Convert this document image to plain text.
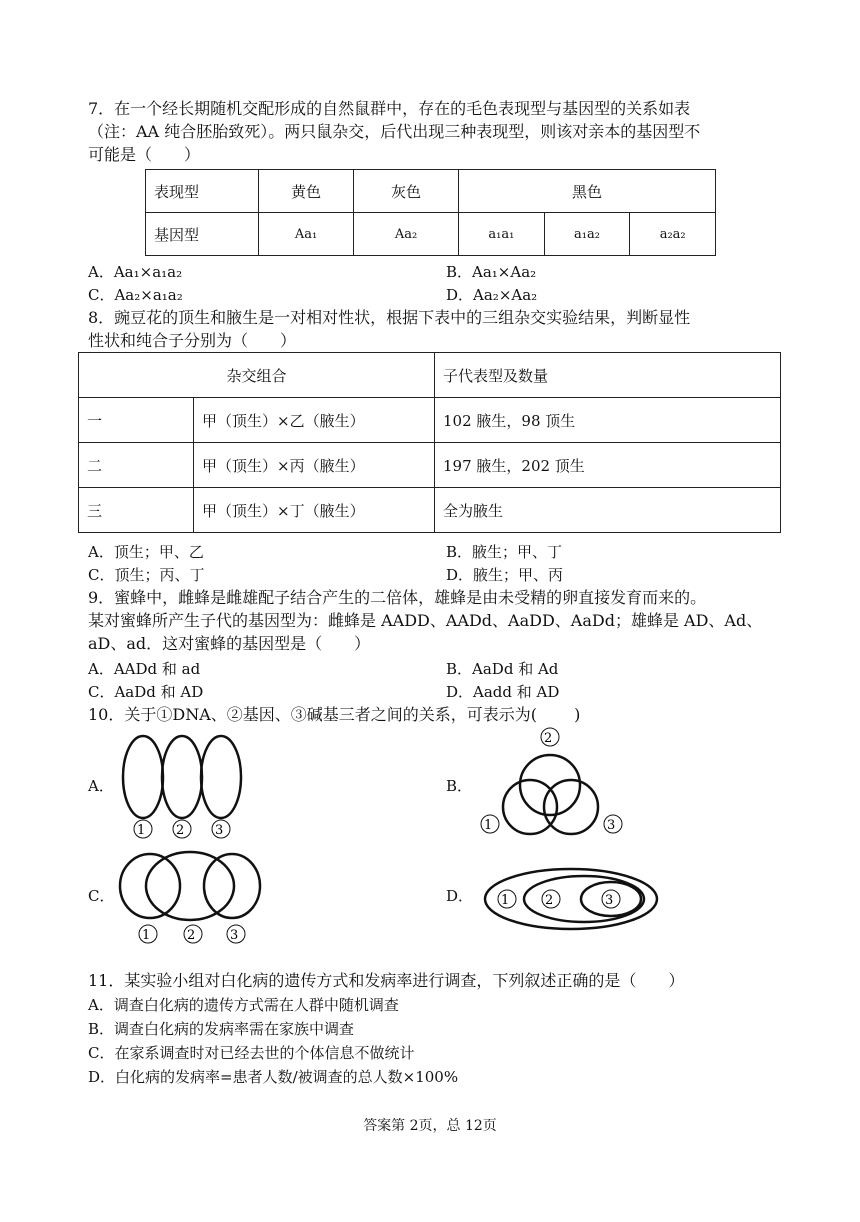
7．在一个经长期随机交配形成的自然鼠群中，存在的毛色表现型与基因型的关系如表
（注：AA 纯合胚胎致死）。两只鼠杂交，后代出现三种表现型，则该对亲本的基因型不
可能是（　　）
表现型	黄色	灰色	黑色		
基因型	Aa₁	Aa₂	a₁a₁	a₁a₂	a₂a₂
A．Aa₁×a₁a₂	B．Aa₁×Aa₂
C．Aa₂×a₁a₂	D．Aa₂×Aa₂
8．豌豆花的顶生和腋生是一对相对性状，根据下表中的三组杂交实验结果，判断显性
性状和纯合子分别为（　　）
杂交组合		子代表型及数量
一	甲（顶生）×乙（腋生）	102 腋生，98 顶生
二	甲（顶生）×丙（腋生）	197 腋生，202 顶生
三	甲（顶生）×丁（腋生）	全为腋生
A．顶生；甲、乙	B．腋生；甲、丁
C．顶生；丙、丁	D．腋生；甲、丙
9．蜜蜂中，雌蜂是雌雄配子结合产生的二倍体，雄蜂是由未受精的卵直接发育而来的。
某对蜜蜂所产生子代的基因型为：雌蜂是 AADD、AADd、AaDD、AaDd；雄蜂是 AD、Ad、
aD、ad．这对蜜蜂的基因型是（　　）
A．AADd 和 ad	B．AaDd 和 Ad
C．AaDd 和 AD	D．Aadd 和 AD
10．关于①DNA、②基因、③碱基三者之间的关系，可表示为(　　 )
A．	B．
C．	D．
1 2 3
2
1	3
1	2	3
1	2	3
11．某实验小组对白化病的遗传方式和发病率进行调查，下列叙述正确的是（　　）
A．调查白化病的遗传方式需在人群中随机调查
B．调查白化病的发病率需在家族中调查
C．在家系调查时对已经去世的个体信息不做统计
D．白化病的发病率=患者人数/被调查的总人数×100%
答案第 2页，总 12页
